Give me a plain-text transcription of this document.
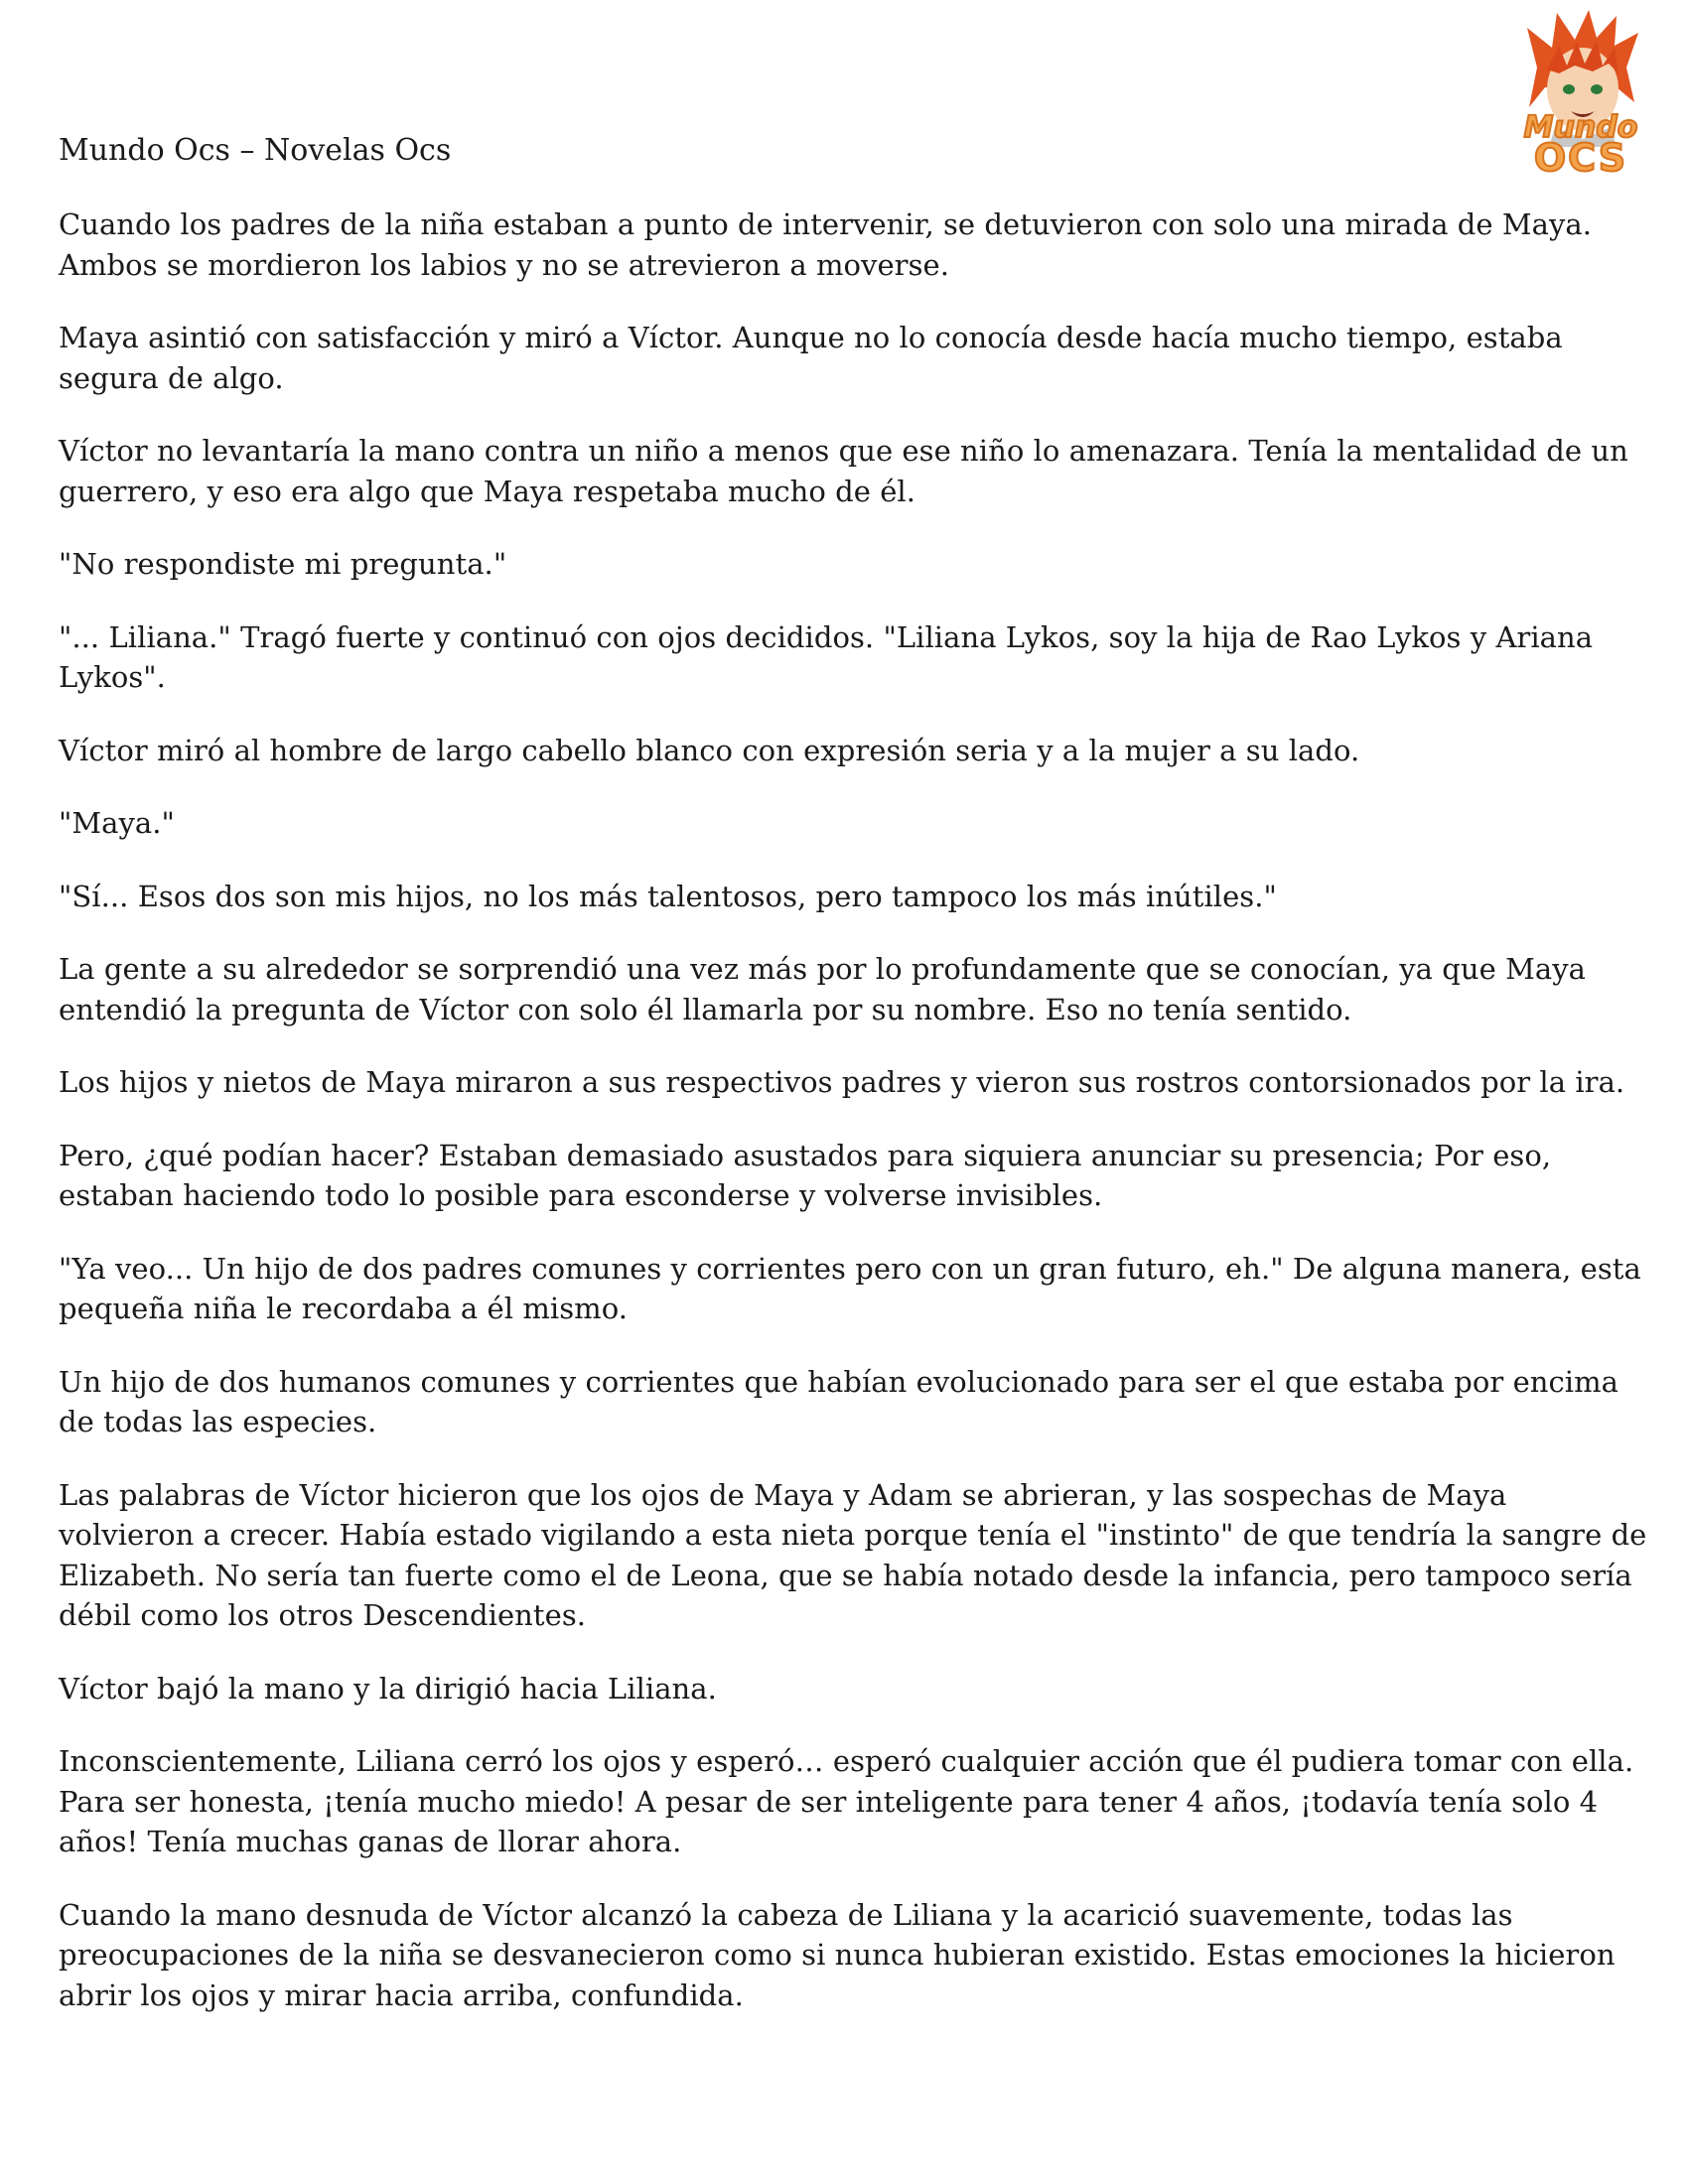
Mundo
OCS
Mundo Ocs – Novelas Ocs

Cuando los padres de la niña estaban a punto de intervenir, se detuvieron con solo una mirada de Maya. Ambos se mordieron los labios y no se atrevieron a moverse.

Maya asintió con satisfacción y miró a Víctor. Aunque no lo conocía desde hacía mucho tiempo, estaba segura de algo.

Víctor no levantaría la mano contra un niño a menos que ese niño lo amenazara. Tenía la mentalidad de un guerrero, y eso era algo que Maya respetaba mucho de él.

"No respondiste mi pregunta."

"... Liliana." Tragó fuerte y continuó con ojos decididos. "Liliana Lykos, soy la hija de Rao Lykos y Ariana Lykos".

Víctor miró al hombre de largo cabello blanco con expresión seria y a la mujer a su lado.

"Maya."

"Sí... Esos dos son mis hijos, no los más talentosos, pero tampoco los más inútiles."

La gente a su alrededor se sorprendió una vez más por lo profundamente que se conocían, ya que Maya entendió la pregunta de Víctor con solo él llamarla por su nombre. Eso no tenía sentido.

Los hijos y nietos de Maya miraron a sus respectivos padres y vieron sus rostros contorsionados por la ira.

Pero, ¿qué podían hacer? Estaban demasiado asustados para siquiera anunciar su presencia; Por eso, estaban haciendo todo lo posible para esconderse y volverse invisibles.

"Ya veo... Un hijo de dos padres comunes y corrientes pero con un gran futuro, eh." De alguna manera, esta pequeña niña le recordaba a él mismo.

Un hijo de dos humanos comunes y corrientes que habían evolucionado para ser el que estaba por encima de todas las especies.

Las palabras de Víctor hicieron que los ojos de Maya y Adam se abrieran, y las sospechas de Maya volvieron a crecer. Había estado vigilando a esta nieta porque tenía el "instinto" de que tendría la sangre de Elizabeth. No sería tan fuerte como el de Leona, que se había notado desde la infancia, pero tampoco sería débil como los otros Descendientes.

Víctor bajó la mano y la dirigió hacia Liliana.

Inconscientemente, Liliana cerró los ojos y esperó… esperó cualquier acción que él pudiera tomar con ella. Para ser honesta, ¡tenía mucho miedo! A pesar de ser inteligente para tener 4 años, ¡todavía tenía solo 4 años! Tenía muchas ganas de llorar ahora.

Cuando la mano desnuda de Víctor alcanzó la cabeza de Liliana y la acarició suavemente, todas las preocupaciones de la niña se desvanecieron como si nunca hubieran existido. Estas emociones la hicieron abrir los ojos y mirar hacia arriba, confundida.
